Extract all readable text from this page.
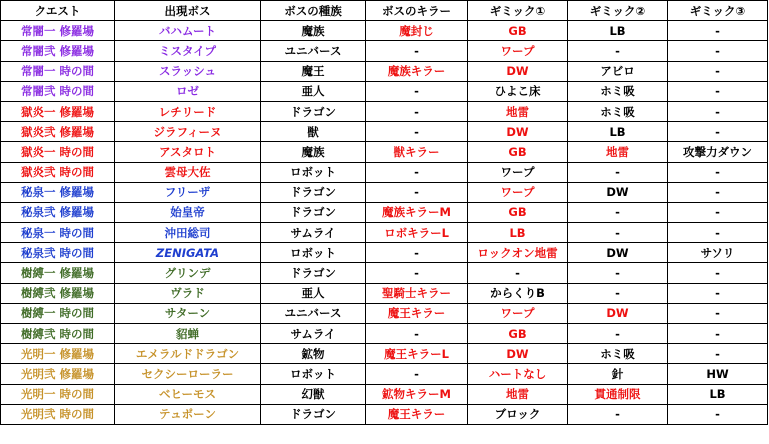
クエスト	出現ボス	ボスの種族	ボスのキラー	ギミック①	ギミック②	ギミック③
常闇一 修羅場	バハムート	魔族	魔封じ	GB	LB	-
常闇弐 修羅場	ミスタイプ	ユニバース	-	ワープ	-	-
常闇一 時の間	スラッシュ	魔王	魔族キラー	DW	アビロ	-
常闇弐 時の間	ロゼ	亜人	-	ひよこ床	ホミ吸	-
獄炎一 修羅場	レチリード	ドラゴン	-	地雷	ホミ吸	-
獄炎弐 修羅場	ジラフィーヌ	獣	-	DW	LB	-
獄炎一 時の間	アスタロト	魔族	獣キラー	GB	地雷	攻撃力ダウン
獄炎弐 時の間	雲母大佐	ロボット	-	ワープ	-	-
秘泉一 修羅場	フリーザ	ドラゴン	-	ワープ	DW	-
秘泉弐 修羅場	始皇帝	ドラゴン	魔族キラーM	GB	-	-
秘泉一 時の間	沖田総司	サムライ	ロボキラーL	LB	-	-
秘泉弐 時の間	ZENIGATA	ロボット	-	ロックオン地雷	DW	サソリ
樹縛一 修羅場	グリンデ	ドラゴン	-	-	-	-
樹縛弐 修羅場	ヴラド	亜人	聖騎士キラー	からくりB	-	-
樹縛一 時の間	サターン	ユニバース	魔王キラー	ワープ	DW	-
樹縛弐 時の間	貂蝉	サムライ	-	GB	-	-
光明一 修羅場	エメラルドドラゴン	鉱物	魔王キラーL	DW	ホミ吸	-
光明弐 修羅場	セクシーローラー	ロボット	-	ハートなし	針	HW
光明一 時の間	ベヒーモス	幻獣	鉱物キラーM	地雷	貫通制限	LB
光明弐 時の間	テュポーン	ドラゴン	魔王キラー	ブロック	-	-
